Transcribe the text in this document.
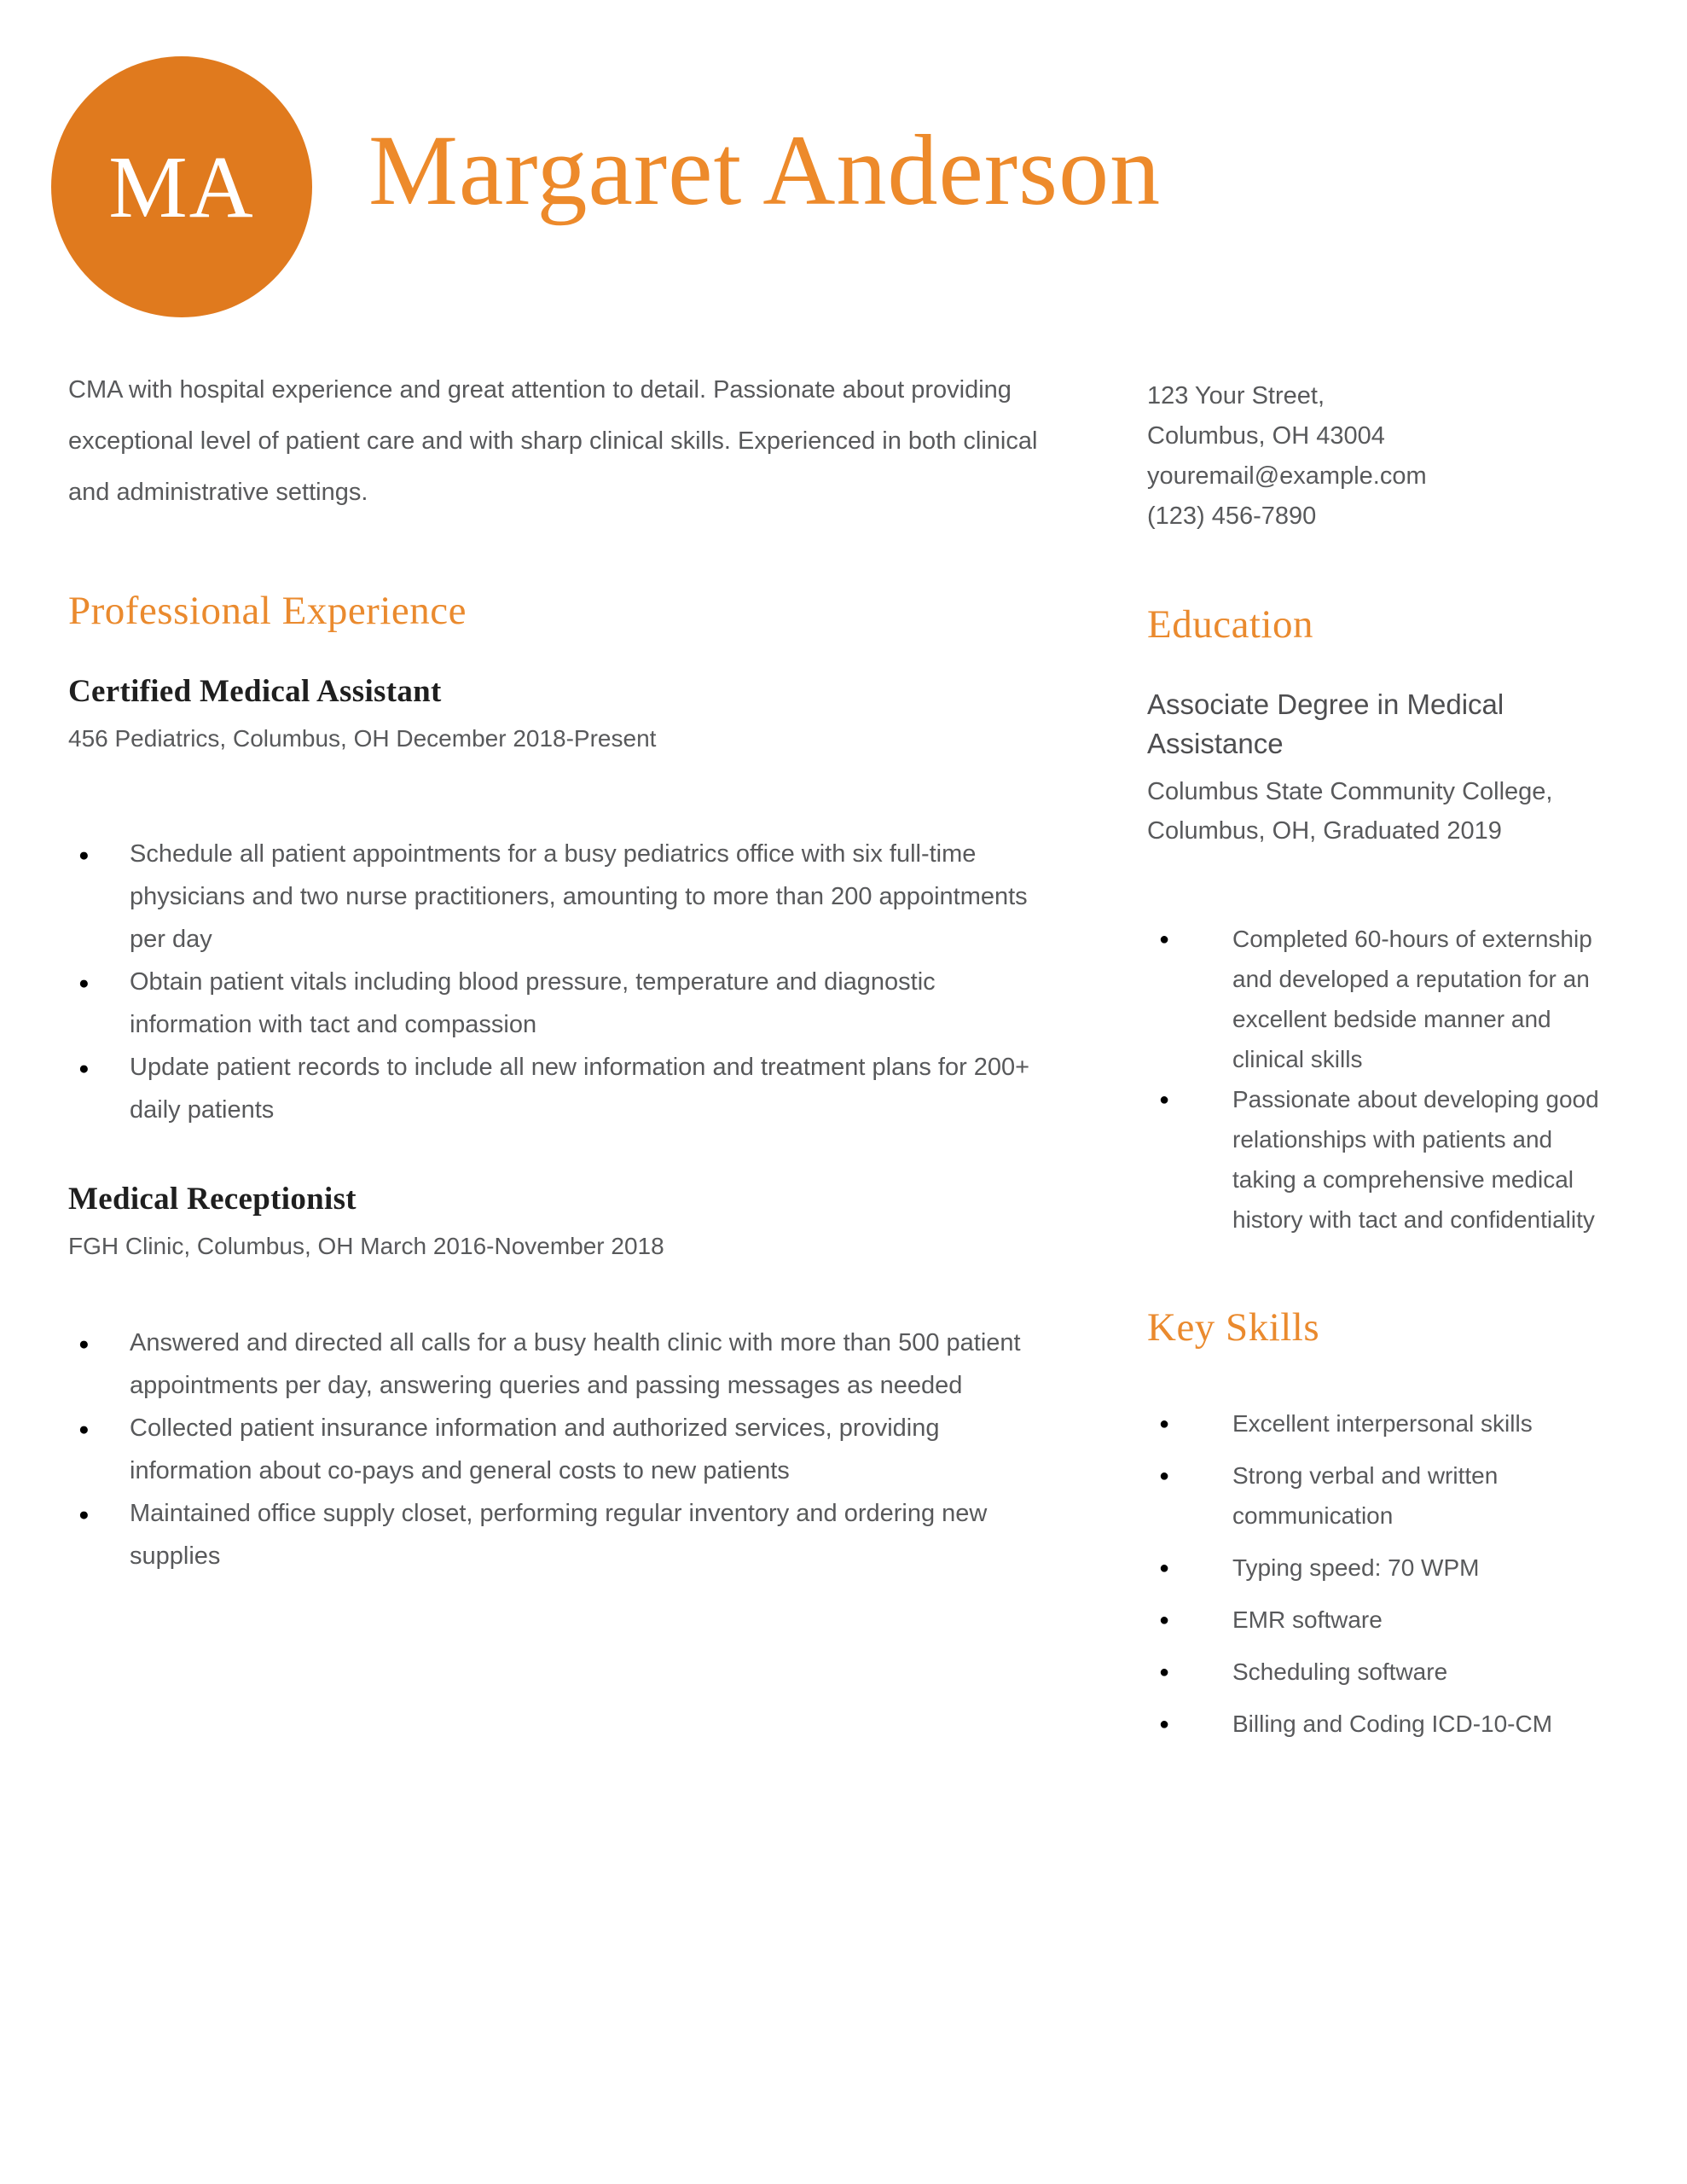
MA Margaret Anderson

CMA with hospital experience and great attention to detail. Passionate about providing exceptional level of patient care and with sharp clinical skills. Experienced in both clinical and administrative settings.

Professional Experience
Certified Medical Assistant

456 Pediatrics, Columbus, OH December 2018-Present

● Schedule all patient appointments for a busy pediatrics office with six full-time physicians and two nurse practitioners, amounting to more than 200 appointments per day
● Obtain patient vitals including blood pressure, temperature and diagnostic information with tact and compassion
● Update patient records to include all new information and treatment plans for 200+ daily patients
Medical Receptionist

FGH Clinic, Columbus, OH March 2016-November 2018

● Answered and directed all calls for a busy health clinic with more than 500 patient appointments per day, answering queries and passing messages as needed
● Collected patient insurance information and authorized services, providing information about co-pays and general costs to new patients
● Maintained office supply closet, performing regular inventory and ordering new supplies
123 Your Street,
Columbus, OH 43004
youremail@example.com
(123) 456-7890
Education

Associate Degree in Medical Assistance

Columbus State Community College, Columbus, OH, Graduated 2019

● Completed 60-hours of externship and developed a reputation for an excellent bedside manner and clinical skills
● Passionate about developing good relationships with patients and taking a comprehensive medical history with tact and confidentiality
Key Skills
● Excellent interpersonal skills
● Strong verbal and written communication
● Typing speed: 70 WPM
● EMR software
● Scheduling software
● Billing and Coding ICD-10-CM
